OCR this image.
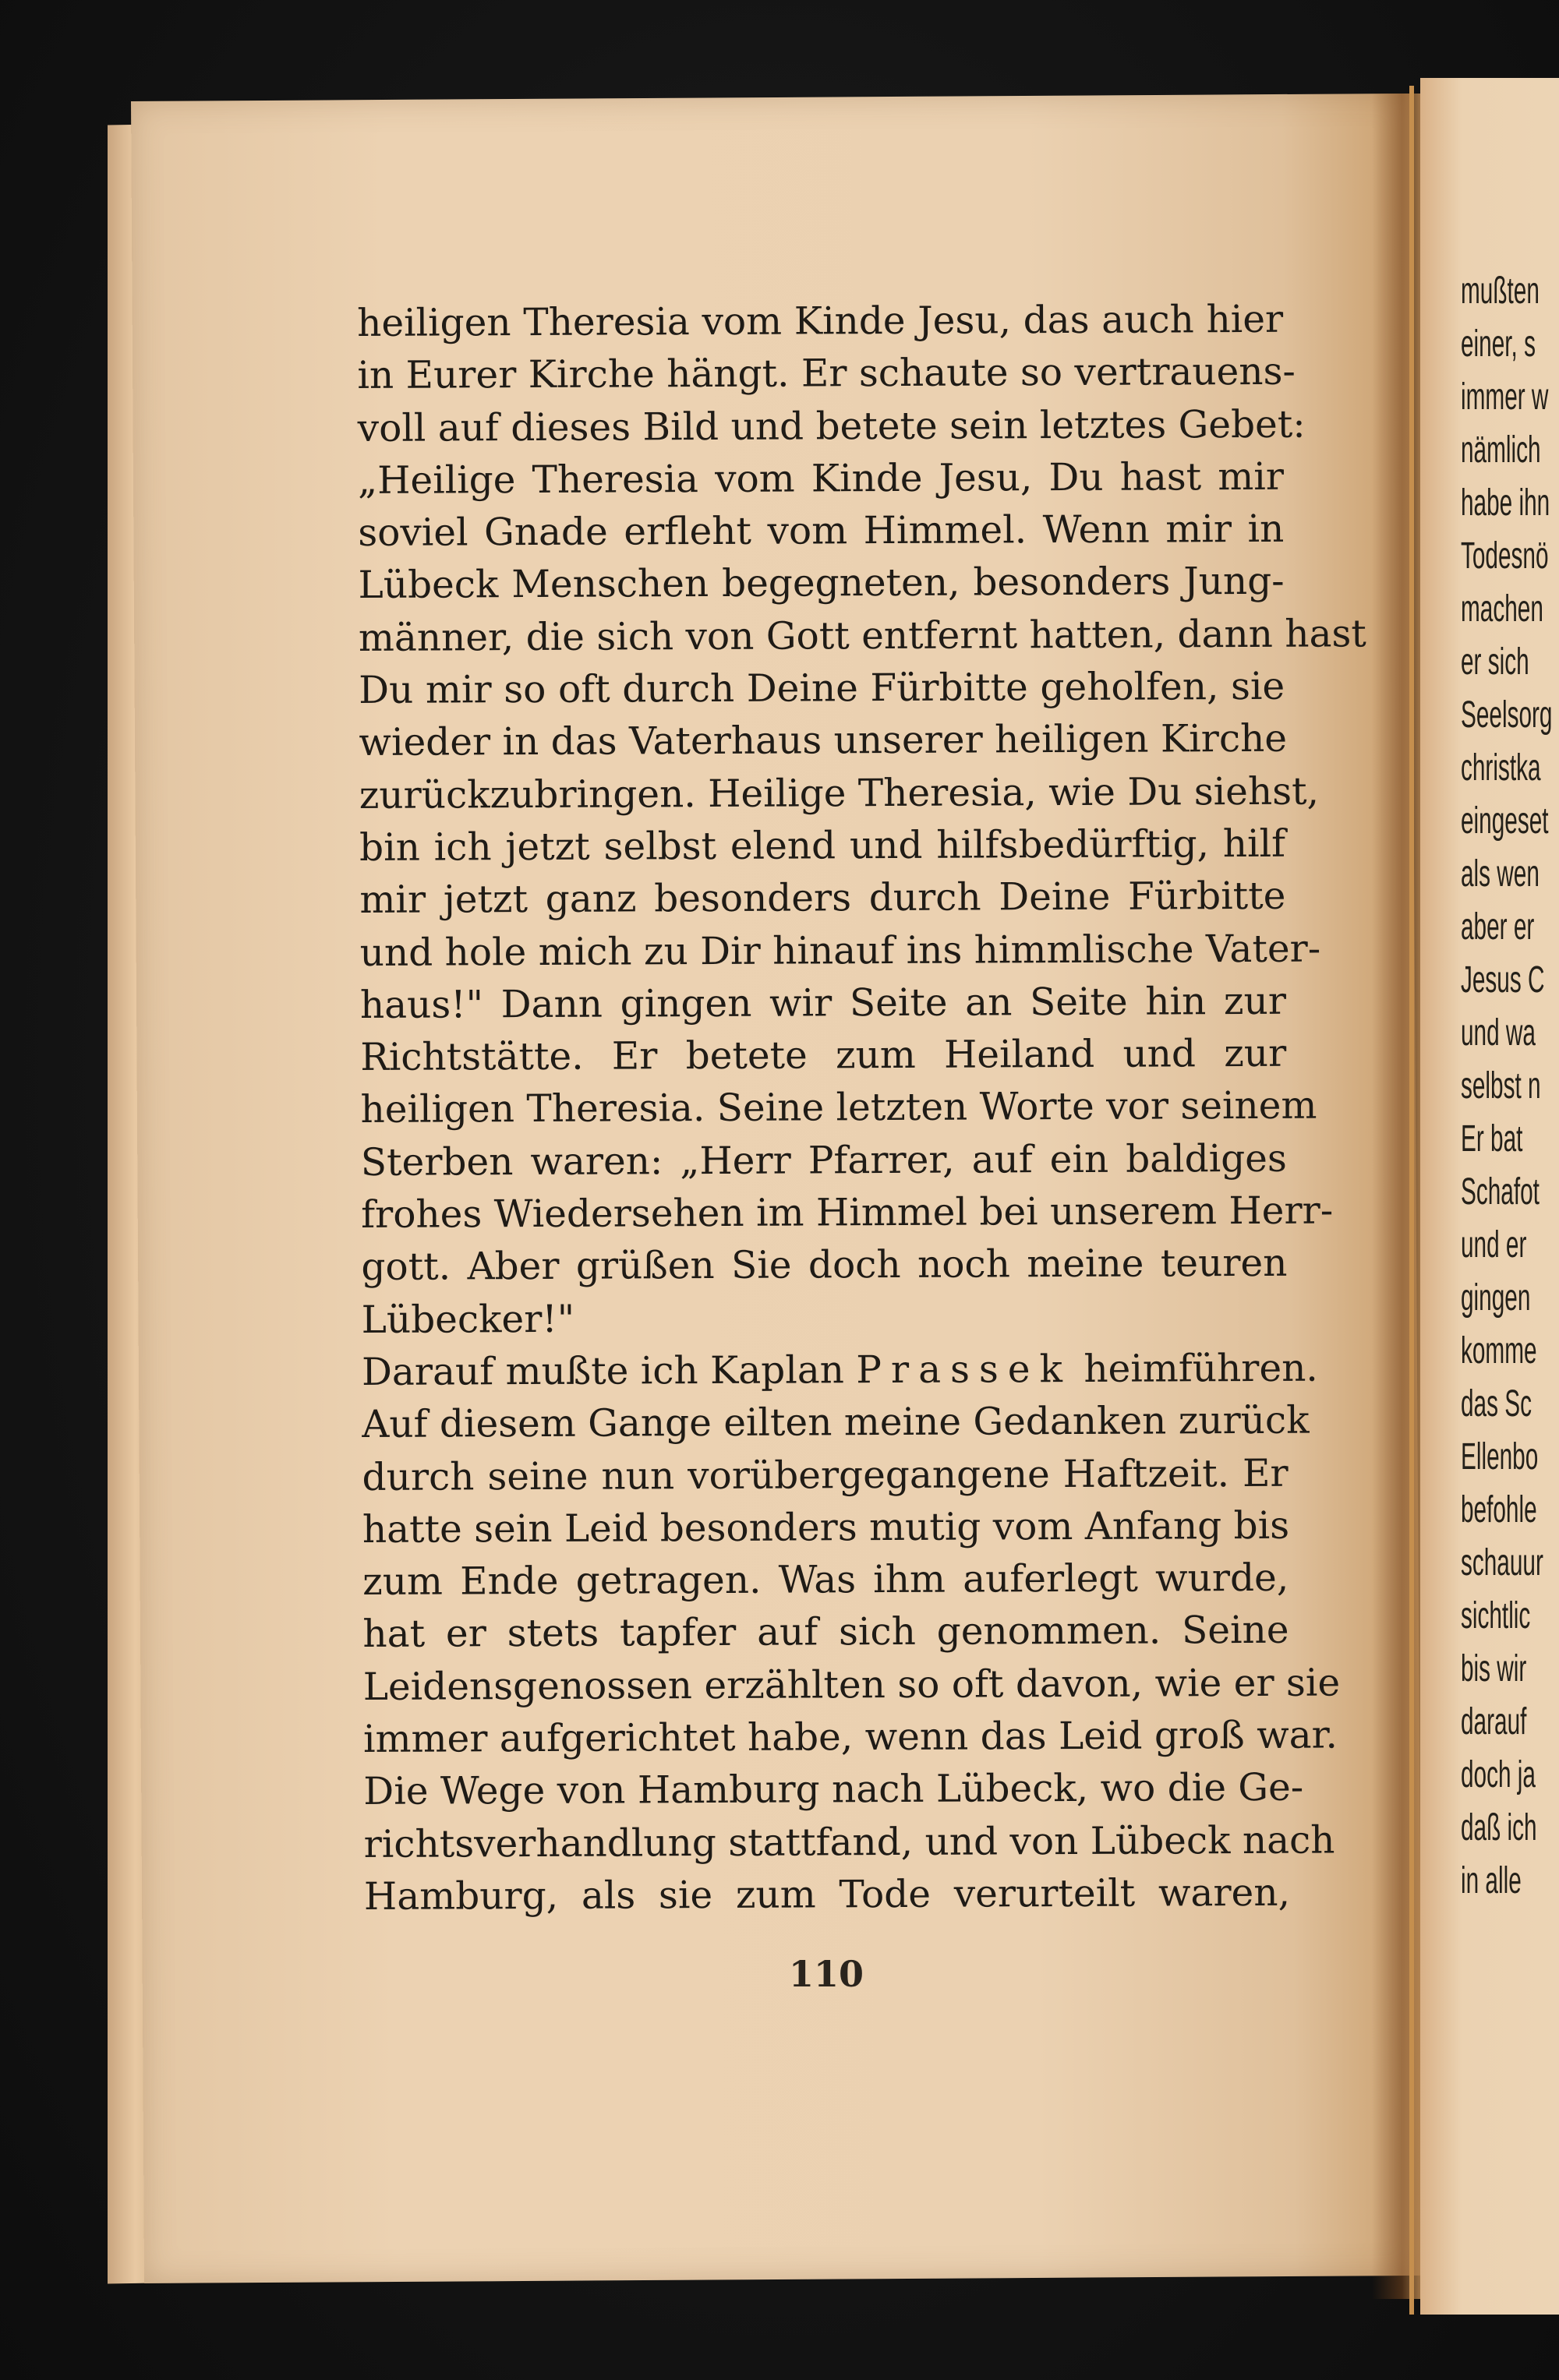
mußten
einer, s
immer w
nämlich
habe ihn
Todesnö
machen
er sich
Seelsorg
christka
eingeset
als wen
aber er
Jesus C
und wa
selbst n
Er bat
Schafot
und er
gingen
komme
das Sc
Ellenbo
befohle
schauur
sichtlic
bis wir
darauf
doch ja
daß ich
in alle
heiligen Theresia vom Kinde Jesu, das auch hier
in Eurer Kirche hängt. Er schaute so vertrauens-
voll auf dieses Bild und betete sein letztes Gebet:
„Heilige Theresia vom Kinde Jesu, Du hast mir
soviel Gnade erfleht vom Himmel. Wenn mir in
Lübeck Menschen begegneten, besonders Jung-
männer, die sich von Gott entfernt hatten, dann hast
Du mir so oft durch Deine Fürbitte geholfen, sie
wieder in das Vaterhaus unserer heiligen Kirche
zurückzubringen. Heilige Theresia, wie Du siehst,
bin ich jetzt selbst elend und hilfsbedürftig, hilf
mir jetzt ganz besonders durch Deine Fürbitte
und hole mich zu Dir hinauf ins himmlische Vater-
haus!" Dann gingen wir Seite an Seite hin zur
Richtstätte. Er betete zum Heiland und zur
heiligen Theresia. Seine letzten Worte vor seinem
Sterben waren: „Herr Pfarrer, auf ein baldiges
frohes Wiedersehen im Himmel bei unserem Herr-
gott. Aber grüßen Sie doch noch meine teuren
Lübecker!"
Darauf mußte ich Kaplan Prassek heimführen.
Auf diesem Gange eilten meine Gedanken zurück
durch seine nun vorübergegangene Haftzeit. Er
hatte sein Leid besonders mutig vom Anfang bis
zum Ende getragen. Was ihm auferlegt wurde,
hat er stets tapfer auf sich genommen. Seine
Leidensgenossen erzählten so oft davon, wie er sie
immer aufgerichtet habe, wenn das Leid groß war.
Die Wege von Hamburg nach Lübeck, wo die Ge-
richtsverhandlung stattfand, und von Lübeck nach
Hamburg, als sie zum Tode verurteilt waren,
110
